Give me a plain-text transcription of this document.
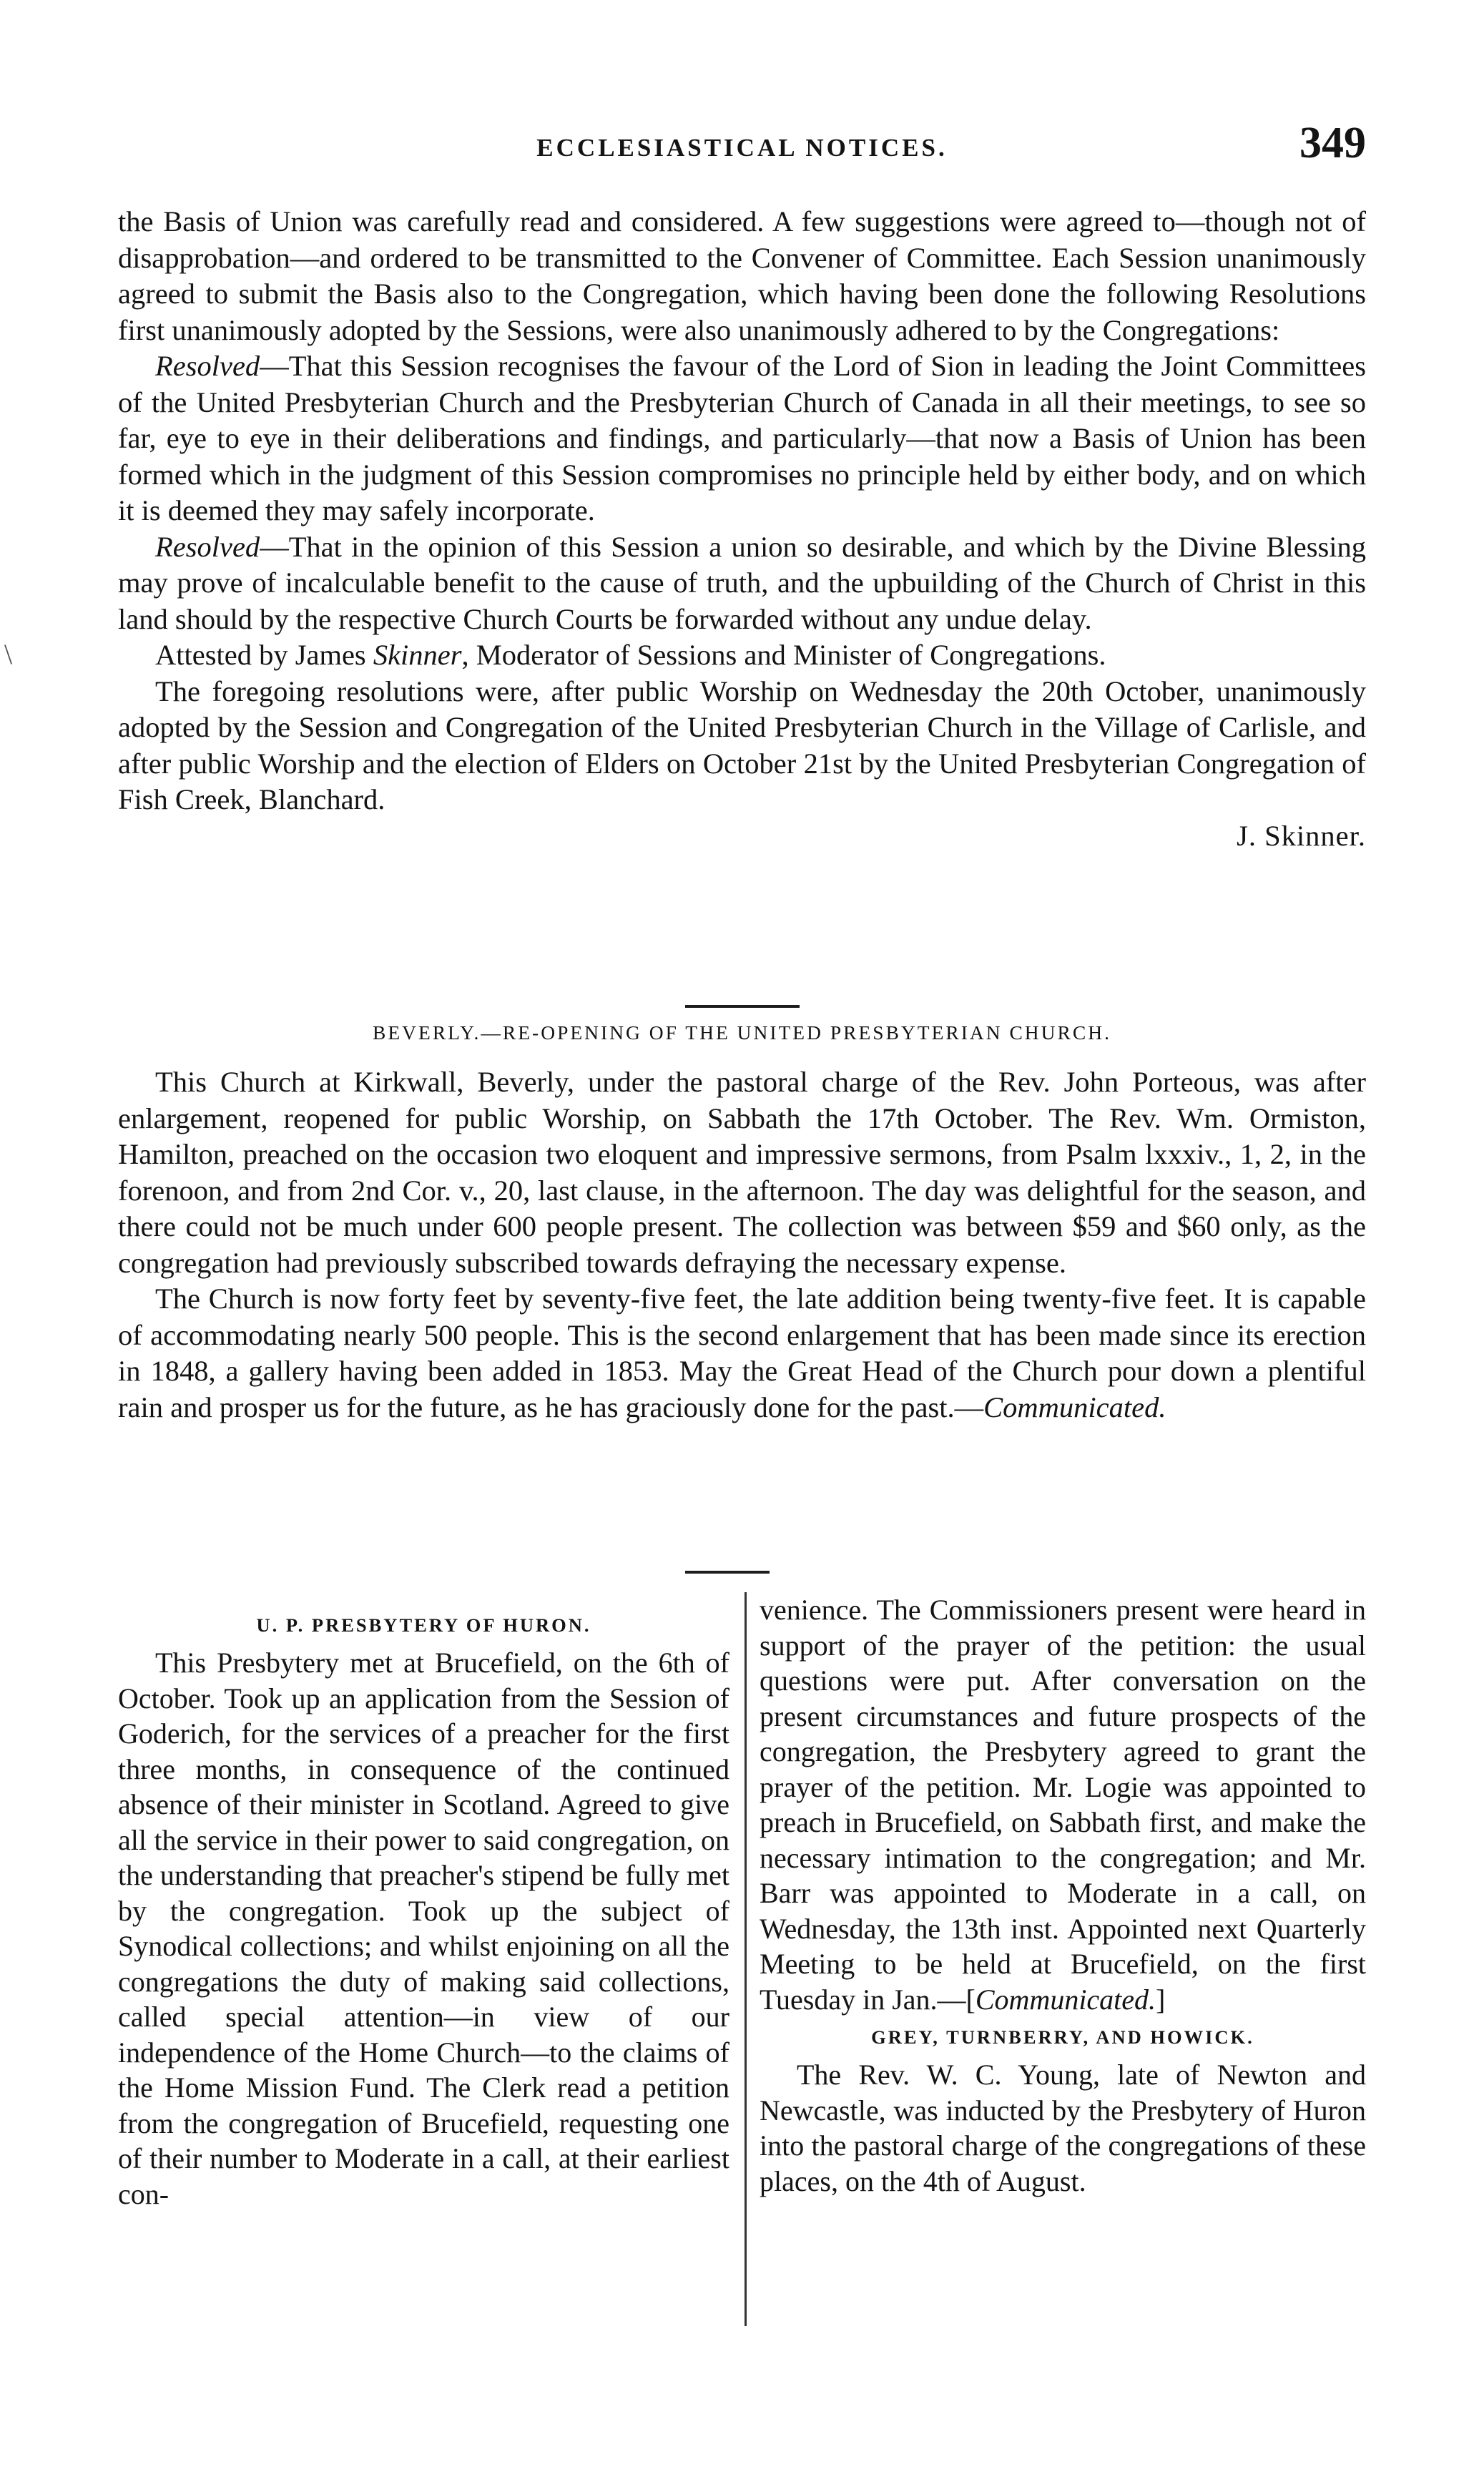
ECCLESIASTICAL NOTICES.	349
\

the Basis of Union was carefully read and considered. A few suggestions were agreed to—though not of disapprobation—and ordered to be transmitted to the Convener of Committee. Each Session unanimously agreed to submit the Basis also to the Congregation, which having been done the following Resolutions first unanimously adopted by the Sessions, were also unanimously adhered to by the Congregations:

Resolved—That this Session recognises the favour of the Lord of Sion in leading the Joint Committees of the United Presbyterian Church and the Presbyterian Church of Canada in all their meetings, to see so far, eye to eye in their deliberations and findings, and particularly—that now a Basis of Union has been formed which in the judgment of this Session compromises no principle held by either body, and on which it is deemed they may safely incorporate.

Resolved—That in the opinion of this Session a union so desirable, and which by the Divine Blessing may prove of incalculable benefit to the cause of truth, and the upbuilding of the Church of Christ in this land should by the respective Church Courts be forwarded without any undue delay.

Attested by James Skinner, Moderator of Sessions and Minister of Congregations.

The foregoing resolutions were, after public Worship on Wednesday the 20th October, unanimously adopted by the Session and Congregation of the United Presbyterian Church in the Village of Carlisle, and after public Worship and the election of Elders on October 21st by the United Presbyterian Congregation of Fish Creek, Blanchard.
J. Skinner.

BEVERLY.—RE-OPENING OF THE UNITED PRESBYTERIAN CHURCH.

This Church at Kirkwall, Beverly, under the pastoral charge of the Rev. John Porteous, was after enlargement, reopened for public Worship, on Sabbath the 17th October. The Rev. Wm. Ormiston, Hamilton, preached on the occasion two eloquent and impressive sermons, from Psalm lxxxiv., 1, 2, in the forenoon, and from 2nd Cor. v., 20, last clause, in the afternoon. The day was delightful for the season, and there could not be much under 600 people present. The collection was between $59 and $60 only, as the congregation had previously subscribed towards defraying the necessary expense.

The Church is now forty feet by seventy-five feet, the late addition being twenty-five feet. It is capable of accommodating nearly 500 people. This is the second enlargement that has been made since its erection in 1848, a gallery having been added in 1853. May the Great Head of the Church pour down a plentiful rain and prosper us for the future, as he has graciously done for the past.—Communicated.

U. P. PRESBYTERY OF HURON.

This Presbytery met at Brucefield, on the 6th of October. Took up an application from the Session of Goderich, for the services of a preacher for the first three months, in consequence of the continued absence of their minister in Scotland. Agreed to give all the service in their power to said congregation, on the understanding that preacher's stipend be fully met by the congregation. Took up the subject of Synodical collections; and whilst enjoining on all the congregations the duty of making said collections, called special attention—in view of our independence of the Home Church—to the claims of the Home Mission Fund. The Clerk read a petition from the congregation of Brucefield, requesting one of their number to Moderate in a call, at their earliest con-

venience. The Commissioners present were heard in support of the prayer of the petition: the usual questions were put. After conversation on the present circumstances and future prospects of the congregation, the Presbytery agreed to grant the prayer of the petition. Mr. Logie was appointed to preach in Brucefield, on Sabbath first, and make the necessary intimation to the congregation; and Mr. Barr was appointed to Moderate in a call, on Wednesday, the 13th inst. Appointed next Quarterly Meeting to be held at Brucefield, on the first Tuesday in Jan.—[Communicated.]

GREY, TURNBERRY, AND HOWICK.

The Rev. W. C. Young, late of Newton and Newcastle, was inducted by the Presbytery of Huron into the pastoral charge of the congregations of these places, on the 4th of August.
